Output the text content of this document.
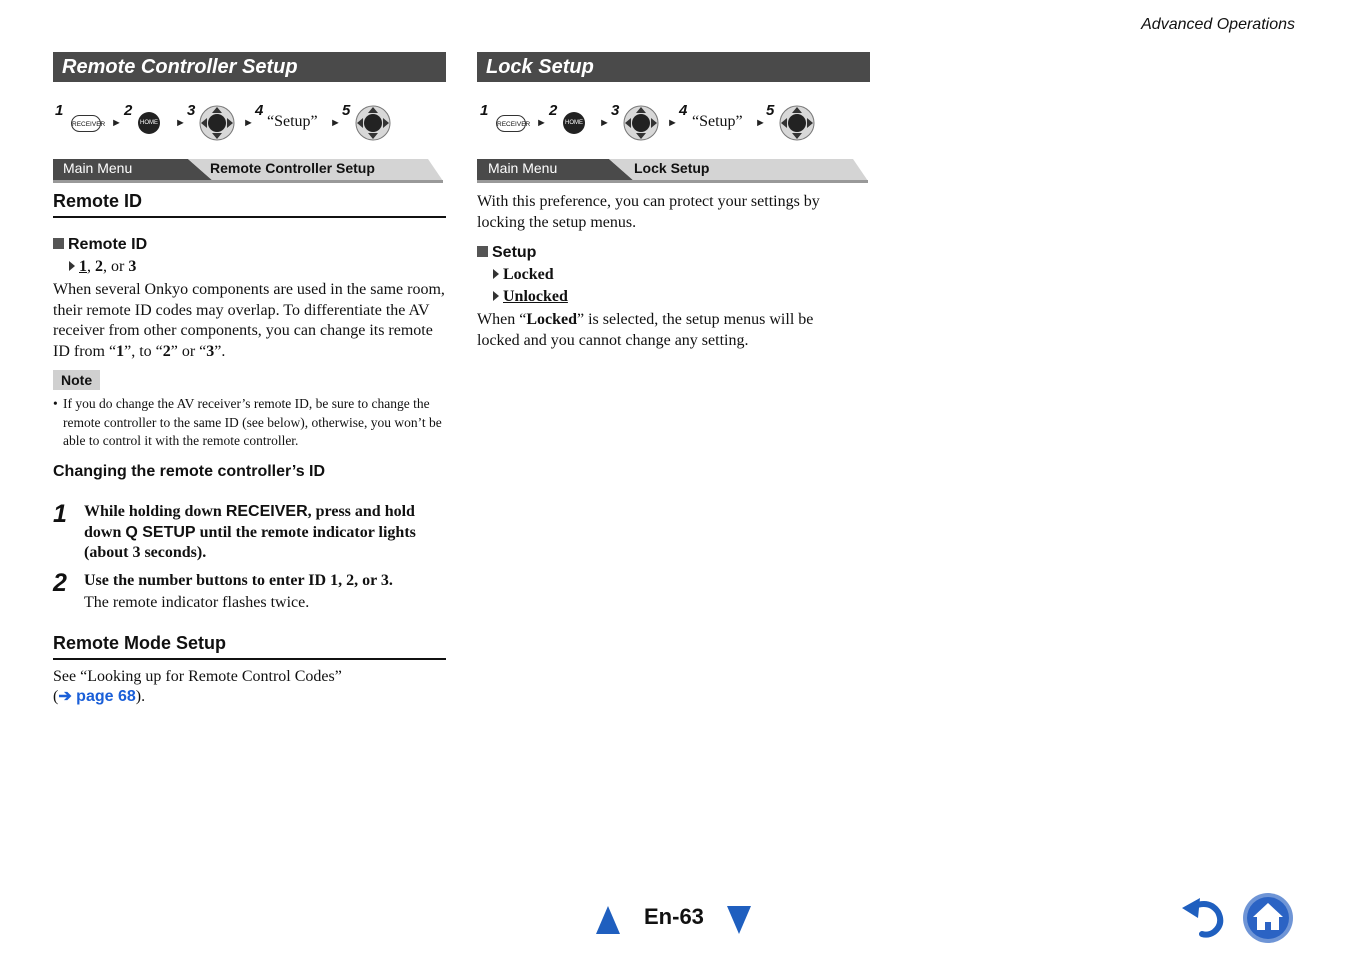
Advanced Operations
Remote Controller Setup
1
RECEIVER ►
2
HOME ►
3
►
4
“Setup” ►
5
Main Menu	Remote Controller Setup
Remote ID
Remote ID
1, 2, or 3
When several Onkyo components are used in the same room, their remote ID codes may overlap. To differentiate the AV receiver from other components, you can change its remote ID from “1”, to “2” or “3”.
Note
• If you do change the AV receiver’s remote ID, be sure to change the remote controller to the same ID (see below), otherwise, you won’t be able to control it with the remote controller.
Changing the remote controller’s ID
1 While holding down RECEIVER, press and hold down Q SETUP until the remote indicator lights (about 3 seconds).
2 Use the number buttons to enter ID 1, 2, or 3.
The remote indicator flashes twice.
Remote Mode Setup
See “Looking up for Remote Control Codes”
(➔ page 68).
Lock Setup
1
RECEIVER ►
2
HOME ►
3
►
4
“Setup” ►
5
Main Menu	Lock Setup
With this preference, you can protect your settings by locking the setup menus.
Setup
Locked
Unlocked
When “Locked” is selected, the setup menus will be locked and you cannot change any setting.
En-63
